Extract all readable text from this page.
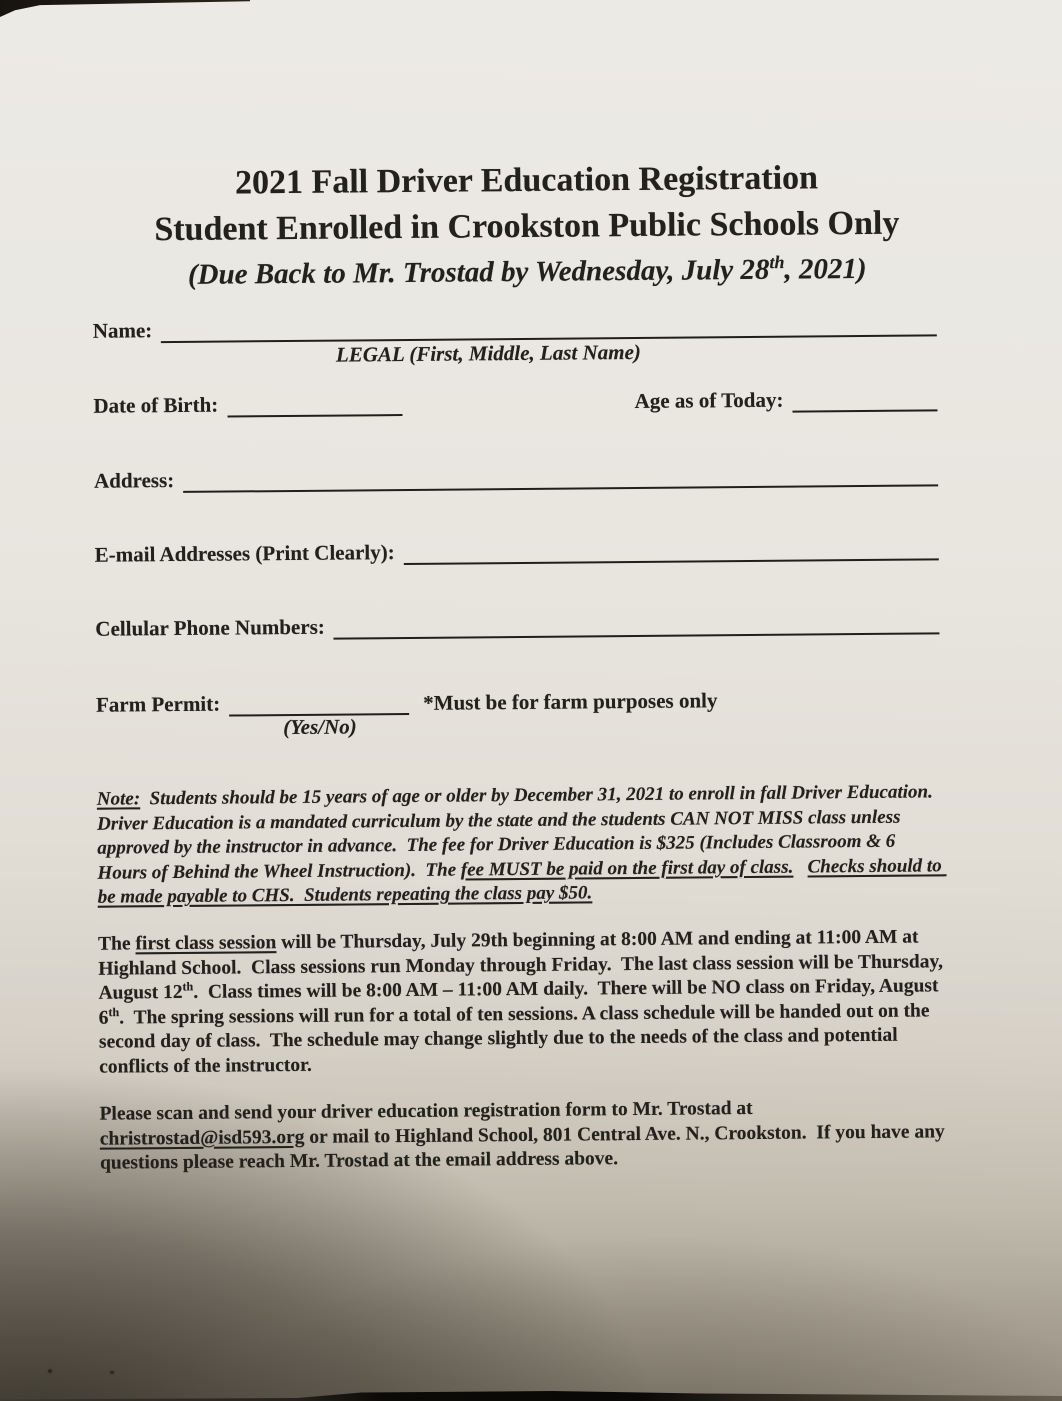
2021 Fall Driver Education Registration
Student Enrolled in Crookston Public Schools Only
(Due Back to Mr. Trostad by Wednesday, July 28th, 2021)
Name:
LEGAL (First, Middle, Last Name)
Date of Birth:	Age as of Today:
Address:
E-mail Addresses (Print Clearly):
Cellular Phone Numbers:
Farm Permit:	*Must be for farm purposes only
(Yes/No)
Note:  Students should be 15 years of age or older by December 31, 2021 to enroll in fall Driver Education.  Driver Education is a mandated curriculum by the state and the students CAN NOT MISS class unless approved by the instructor in advance.  The fee for Driver Education is $325 (Includes Classroom & 6 Hours of Behind the Wheel Instruction).  The fee MUST be paid on the first day of class. Checks should to be made payable to CHS.  Students repeating the class pay $50.
The first class session will be Thursday, July 29th beginning at 8:00 AM and ending at 11:00 AM at Highland School.  Class sessions run Monday through Friday.  The last class session will be Thursday, August 12th.  Class times will be 8:00 AM – 11:00 AM daily.  There will be NO class on Friday, August 6th.  The spring sessions will run for a total of ten sessions. A class schedule will be handed out on the second day of class.  The schedule may change slightly due to the needs of the class and potential conflicts of the instructor.
Please scan and send your driver education registration form to Mr. Trostad at christrostad@isd593.org or mail to Highland School, 801 Central Ave. N., Crookston.  If you have any questions please reach Mr. Trostad at the email address above.
